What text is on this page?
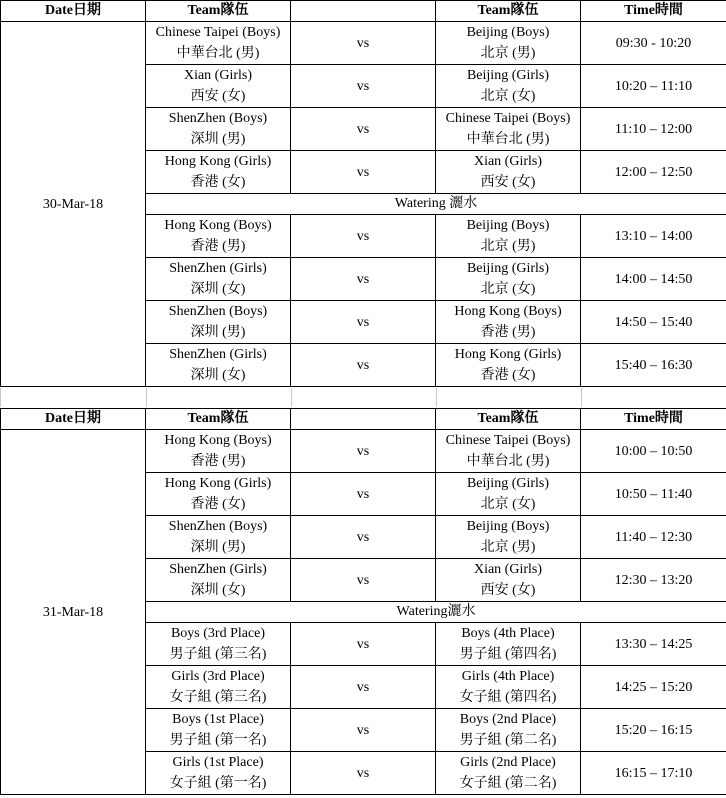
Date日期	Team隊伍		Team隊伍	Time時間
30-Mar-18	Chinese Taipei (Boys)
中華台北 (男)	vs	Beijing (Boys)
北京 (男)	09:30 - 10:20

	Xian (Girls)
西安 (女)	vs	Beijing (Girls)
北京 (女)	10:20 – 11:10

	ShenZhen (Boys)
深圳 (男)	vs	Chinese Taipei (Boys)
中華台北 (男)	11:10 – 12:00

	Hong Kong (Girls)
香港 (女)	vs	Xian (Girls)
西安 (女)	12:00 – 12:50
	Watering 灑水			

	Hong Kong (Boys)
香港 (男)	vs	Beijing (Boys)
北京 (男)	13:10 – 14:00

	ShenZhen (Girls)
深圳 (女)	vs	Beijing (Girls)
北京 (女)	14:00 – 14:50

	ShenZhen (Boys)
深圳 (男)	vs	Hong Kong (Boys)
香港 (男)	14:50 – 15:40

	ShenZhen (Girls)
深圳 (女)	vs	Hong Kong (Girls)
香港 (女)	15:40 – 16:30
Date日期	Team隊伍		Team隊伍	Time時間
31-Mar-18	Hong Kong (Boys)
香港 (男)	vs	Chinese Taipei (Boys)
中華台北 (男)	10:00 – 10:50

	Hong Kong (Girls)
香港 (女)	vs	Beijing (Girls)
北京 (女)	10:50 – 11:40

	ShenZhen (Boys)
深圳 (男)	vs	Beijing (Boys)
北京 (男)	11:40 – 12:30

	ShenZhen (Girls)
深圳 (女)	vs	Xian (Girls)
西安 (女)	12:30 – 13:20
	Watering灑水			

	Boys (3rd Place)
男子組 (第三名)	vs	Boys (4th Place)
男子組 (第四名)	13:30 – 14:25

	Girls (3rd Place)
女子組 (第三名)	vs	Girls (4th Place)
女子組 (第四名)	14:25 – 15:20

	Boys (1st Place)
男子組 (第一名)	vs	Boys (2nd Place)
男子組 (第二名)	15:20 – 16:15

	Girls (1st Place)
女子組 (第一名)	vs	Girls (2nd Place)
女子組 (第二名)	16:15 – 17:10
